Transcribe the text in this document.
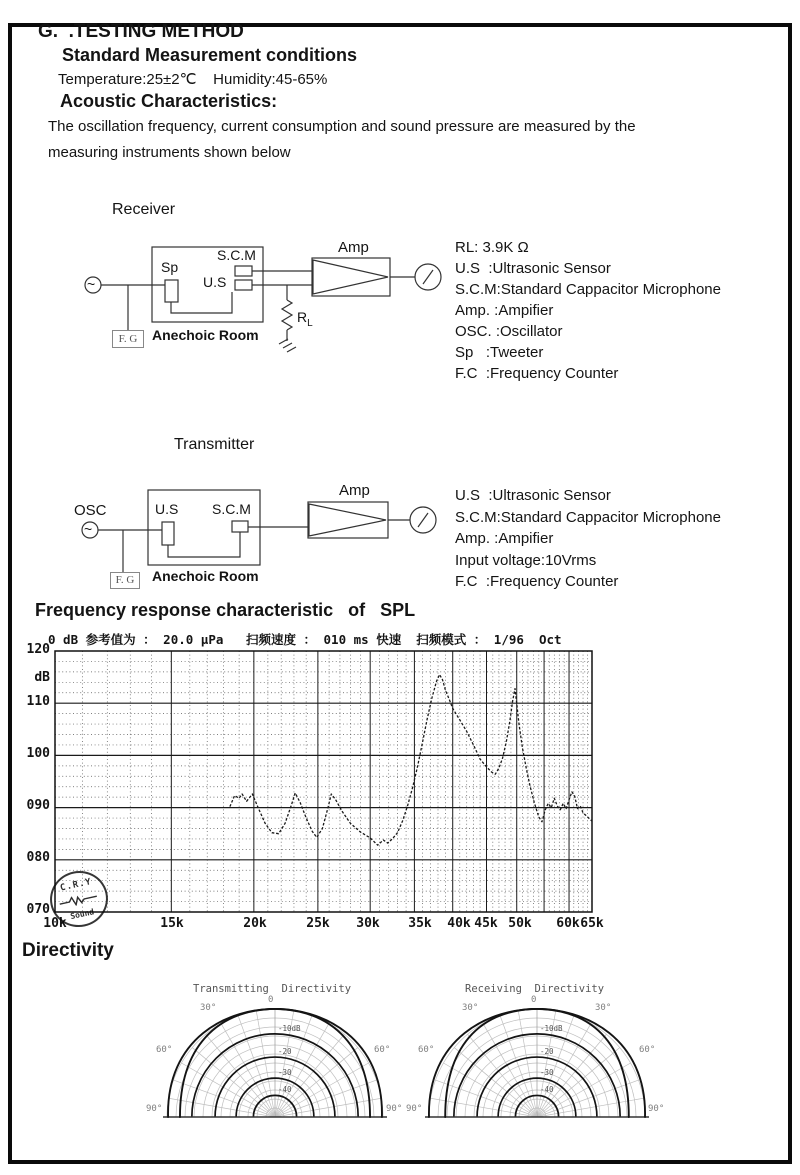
G.  .TESTING METHOD
Standard Measurement conditions
Temperature:25±2℃    Humidity:45-65%
Acoustic Characteristics:
The oscillation frequency, current consumption and sound pressure are measured by the
measuring instruments shown below
Receiver
~
Sp
S.C.M
U.S
Amp
Anechoic Room
$R_L$
F. G
RL: 3.9K Ω
U.S  :Ultrasonic Sensor
S.C.M:Standard Cappacitor Microphone
Amp. :Ampifier
OSC. :Oscillator
Sp   :Tweeter
F.C  :Frequency Counter
Transmitter
OSC
~
U.S S.C.M
Amp
Anechoic Room
F. G
U.S  :Ultrasonic Sensor
S.C.M:Standard Cappacitor Microphone
Amp. :Ampifier
Input voltage:10Vrms
F.C  :Frequency Counter
Frequency response characteristic   of   SPL
0 dB 参考值为 ： 20.0 μPa   扫频速度 ： 010 ms 快速  扫频模式 ： 1/96  Oct
120
dB
110
100
090
080
070
10k	15k	20k	25k 30k 35k 40k 45k 50k 60k 65k
C.R.Y
Sound
Directivity
Transmitting  Directivity	Receiving  Directivity
0
30°
60°	60°
90°	90°
-10dB
-20
-30
-40
0
30°	30°
60°	60°
90°	90°
-10dB
-20
-30
-40
